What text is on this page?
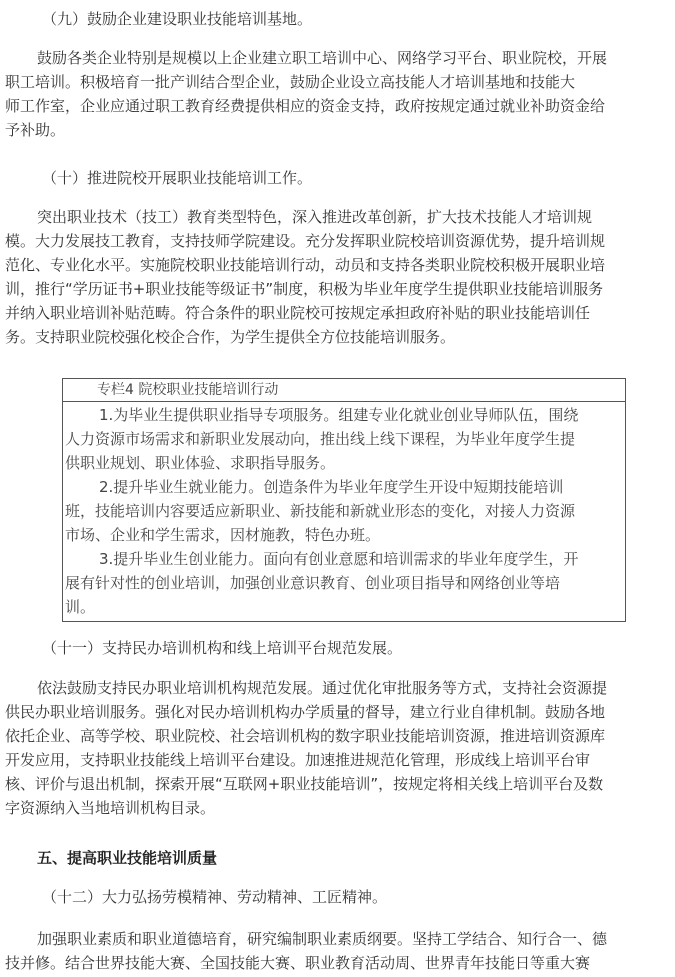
（九）鼓励企业建设职业技能培训基地。

鼓励各类企业特别是规模以上企业建立职工培训中心、网络学习平台、职业院校，开展
职工培训。积极培育一批产训结合型企业，鼓励企业设立高技能人才培训基地和技能大
师工作室，企业应通过职工教育经费提供相应的资金支持，政府按规定通过就业补助资金给
予补助。

（十）推进院校开展职业技能培训工作。

突出职业技术（技工）教育类型特色，深入推进改革创新，扩大技术技能人才培训规
模。大力发展技工教育，支持技师学院建设。充分发挥职业院校培训资源优势，提升培训规
范化、专业化水平。实施院校职业技能培训行动，动员和支持各类职业院校积极开展职业培
训，推行“学历证书+职业技能等级证书”制度，积极为毕业年度学生提供职业技能培训服务
并纳入职业培训补贴范畴。符合条件的职业院校可按规定承担政府补贴的职业技能培训任
务。支持职业院校强化校企合作，为学生提供全方位技能培训服务。
专栏4 院校职业技能培训行动
1.为毕业生提供职业指导专项服务。组建专业化就业创业导师队伍，围绕
人力资源市场需求和新职业发展动向，推出线上线下课程，为毕业年度学生提
供职业规划、职业体验、求职指导服务。
2.提升毕业生就业能力。创造条件为毕业年度学生开设中短期技能培训
班，技能培训内容要适应新职业、新技能和新就业形态的变化，对接人力资源
市场、企业和学生需求，因材施教，特色办班。
3.提升毕业生创业能力。面向有创业意愿和培训需求的毕业年度学生，开
展有针对性的创业培训，加强创业意识教育、创业项目指导和网络创业等培
训。

（十一）支持民办培训机构和线上培训平台规范发展。

依法鼓励支持民办职业培训机构规范发展。通过优化审批服务等方式，支持社会资源提
供民办职业培训服务。强化对民办培训机构办学质量的督导，建立行业自律机制。鼓励各地
依托企业、高等学校、职业院校、社会培训机构的数字职业技能培训资源，推进培训资源库
开发应用，支持职业技能线上培训平台建设。加速推进规范化管理，形成线上培训平台审
核、评价与退出机制，探索开展“互联网+职业技能培训”，按规定将相关线上培训平台及数
字资源纳入当地培训机构目录。

五、提高职业技能培训质量

（十二）大力弘扬劳模精神、劳动精神、工匠精神。

加强职业素质和职业道德培育，研究编制职业素质纲要。坚持工学结合、知行合一、德
技并修。结合世界技能大赛、全国技能大赛、职业教育活动周、世界青年技能日等重大赛
